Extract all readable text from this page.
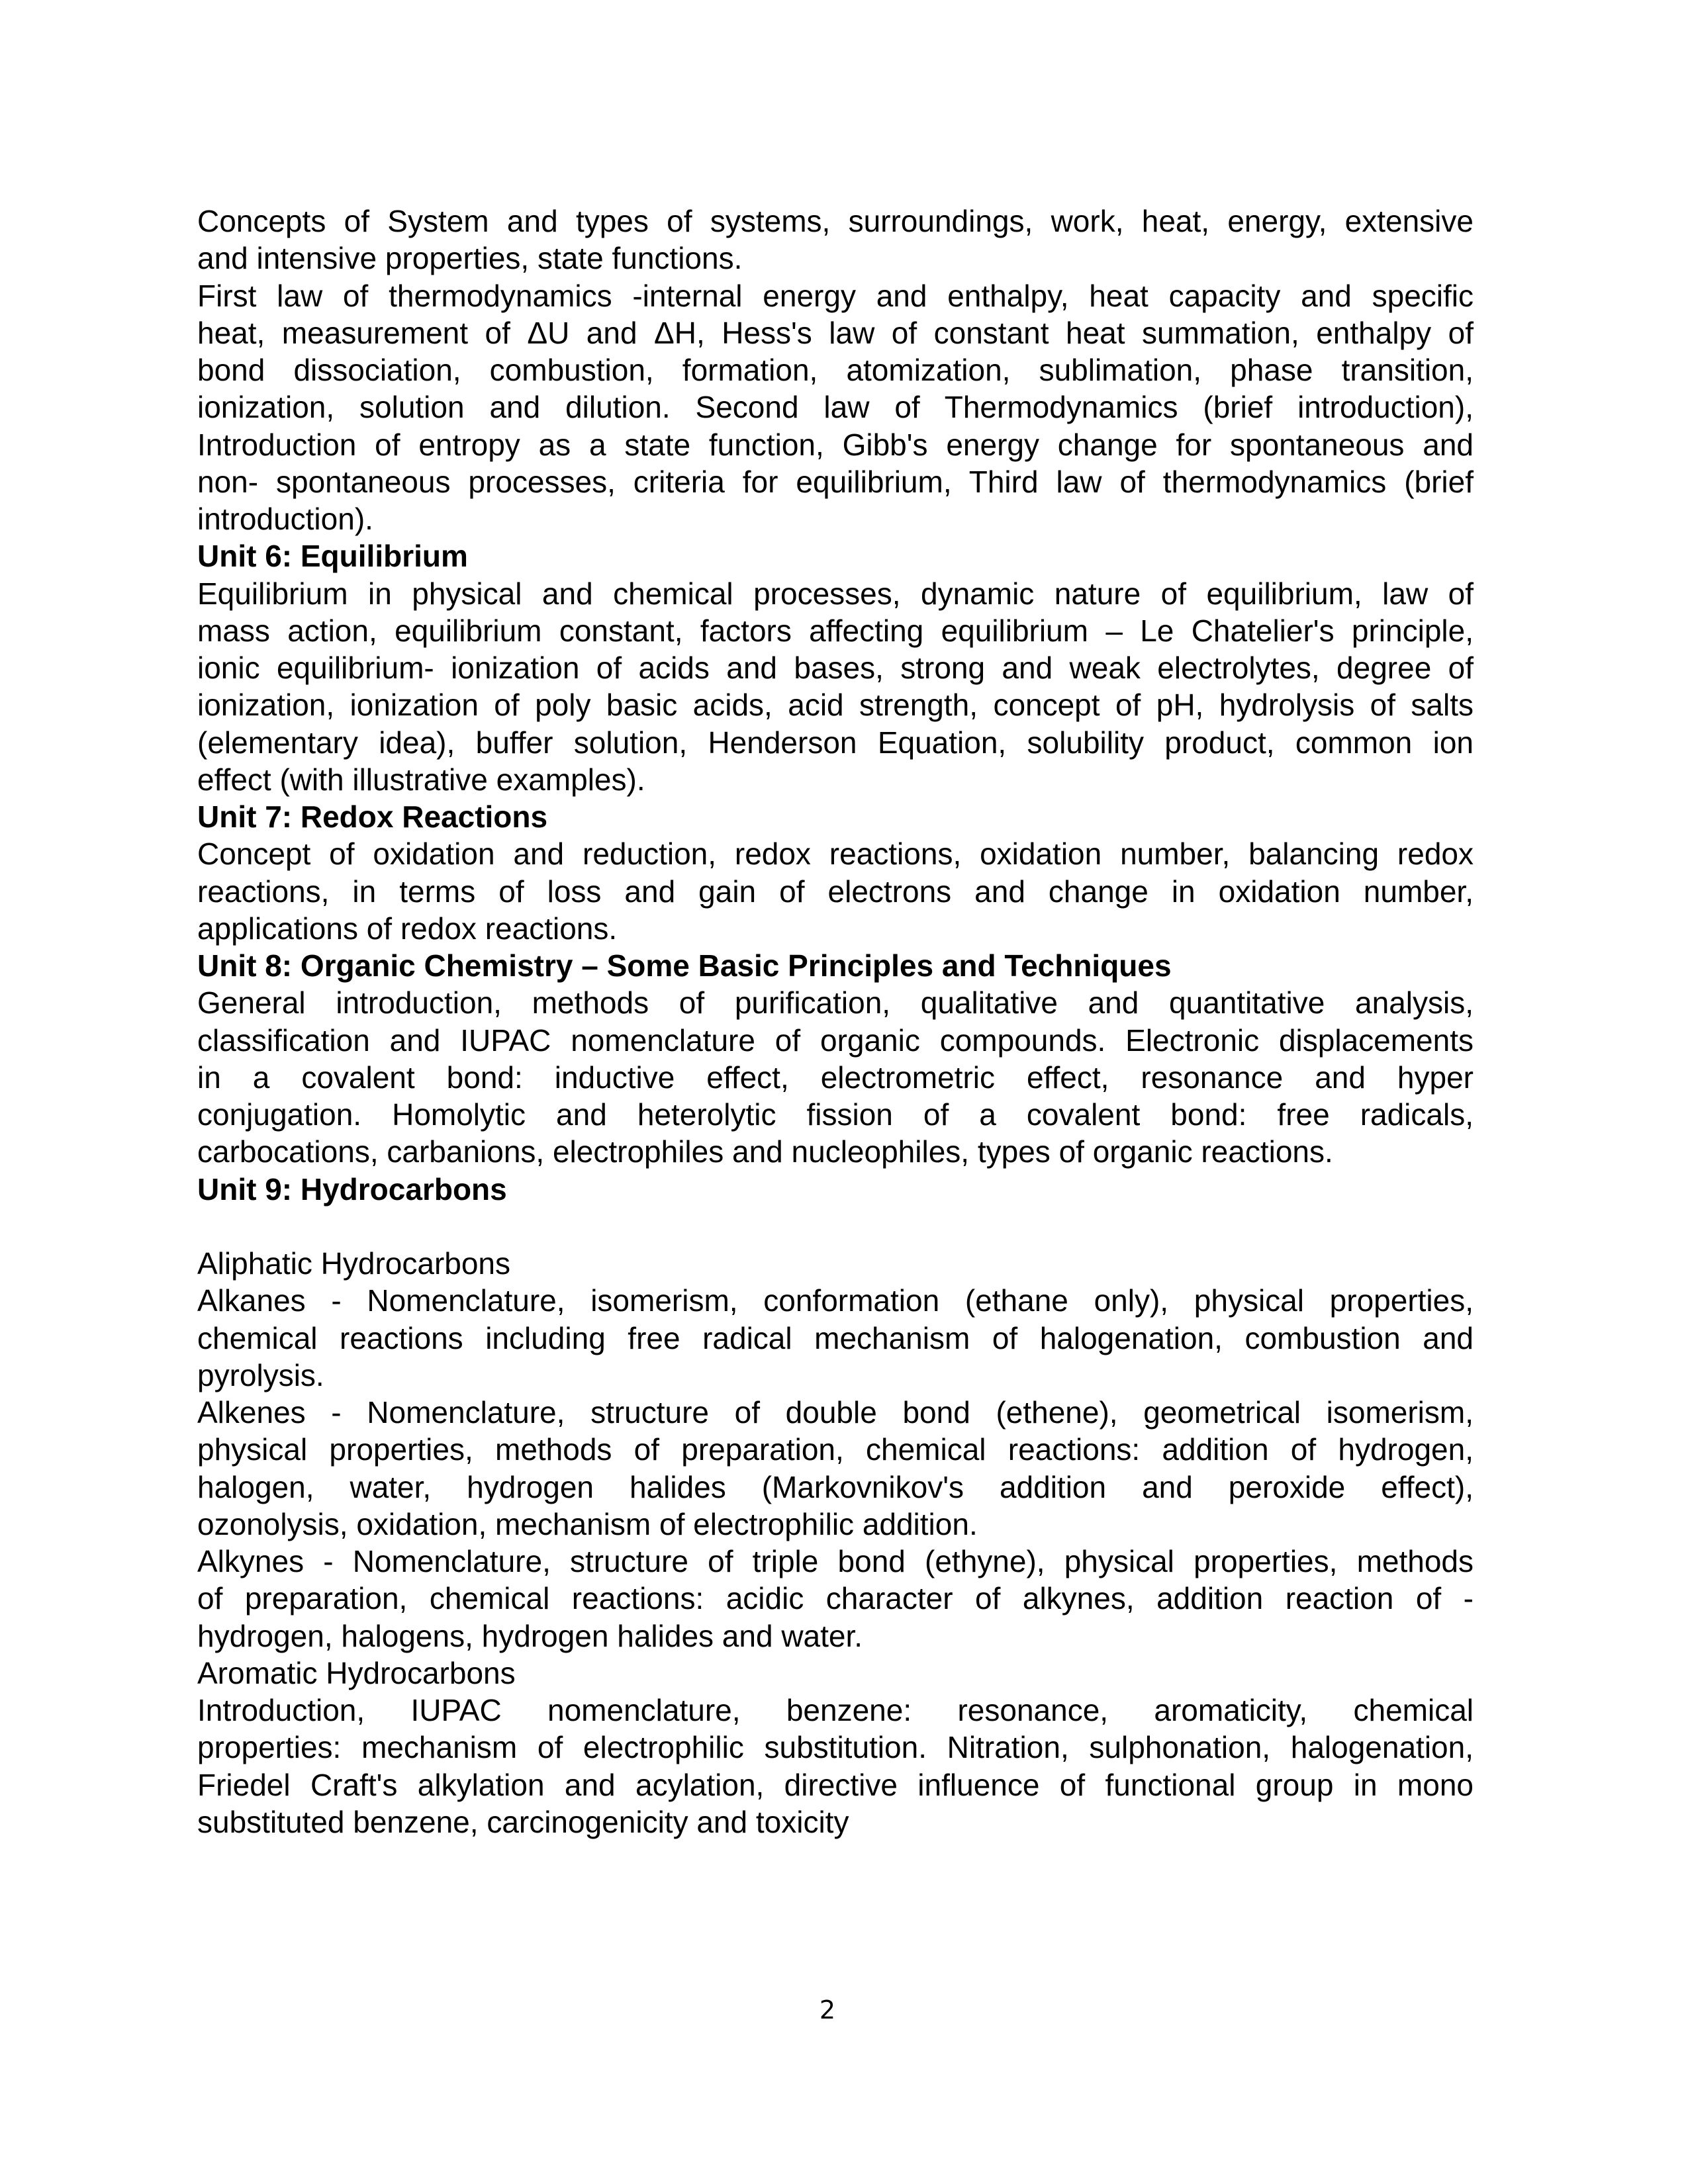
Concepts of System and types of systems, surroundings, work, heat, energy, extensive
and intensive properties, state functions.
First law of thermodynamics -internal energy and enthalpy, heat capacity and specific
heat, measurement of ΔU and ΔH, Hess's law of constant heat summation, enthalpy of
bond dissociation, combustion, formation, atomization, sublimation, phase transition,
ionization, solution and dilution. Second law of Thermodynamics (brief introduction),
Introduction of entropy as a state function, Gibb's energy change for spontaneous and
non- spontaneous processes, criteria for equilibrium, Third law of thermodynamics (brief
introduction).
Unit 6: Equilibrium
Equilibrium in physical and chemical processes, dynamic nature of equilibrium, law of
mass action, equilibrium constant, factors affecting equilibrium – Le Chatelier's principle,
ionic equilibrium- ionization of acids and bases, strong and weak electrolytes, degree of
ionization, ionization of poly basic acids, acid strength, concept of pH, hydrolysis of salts
(elementary idea), buffer solution, Henderson Equation, solubility product, common ion
effect (with illustrative examples).
Unit 7: Redox Reactions
Concept of oxidation and reduction, redox reactions, oxidation number, balancing redox
reactions, in terms of loss and gain of electrons and change in oxidation number,
applications of redox reactions.
Unit 8: Organic Chemistry – Some Basic Principles and Techniques
General introduction, methods of purification, qualitative and quantitative analysis,
classification and IUPAC nomenclature of organic compounds. Electronic displacements
in a covalent bond: inductive effect, electrometric effect, resonance and hyper
conjugation. Homolytic and heterolytic fission of a covalent bond: free radicals,
carbocations, carbanions, electrophiles and nucleophiles, types of organic reactions.
Unit 9: Hydrocarbons
Aliphatic Hydrocarbons
Alkanes - Nomenclature, isomerism, conformation (ethane only), physical properties,
chemical reactions including free radical mechanism of halogenation, combustion and
pyrolysis.
Alkenes - Nomenclature, structure of double bond (ethene), geometrical isomerism,
physical properties, methods of preparation, chemical reactions: addition of hydrogen,
halogen, water, hydrogen halides (Markovnikov's addition and peroxide effect),
ozonolysis, oxidation, mechanism of electrophilic addition.
Alkynes - Nomenclature, structure of triple bond (ethyne), physical properties, methods
of preparation, chemical reactions: acidic character of alkynes, addition reaction of -
hydrogen, halogens, hydrogen halides and water.
Aromatic Hydrocarbons
Introduction, IUPAC nomenclature, benzene: resonance, aromaticity, chemical
properties: mechanism of electrophilic substitution. Nitration, sulphonation, halogenation,
Friedel Craft's alkylation and acylation, directive influence of functional group in mono
substituted benzene, carcinogenicity and toxicity
2
